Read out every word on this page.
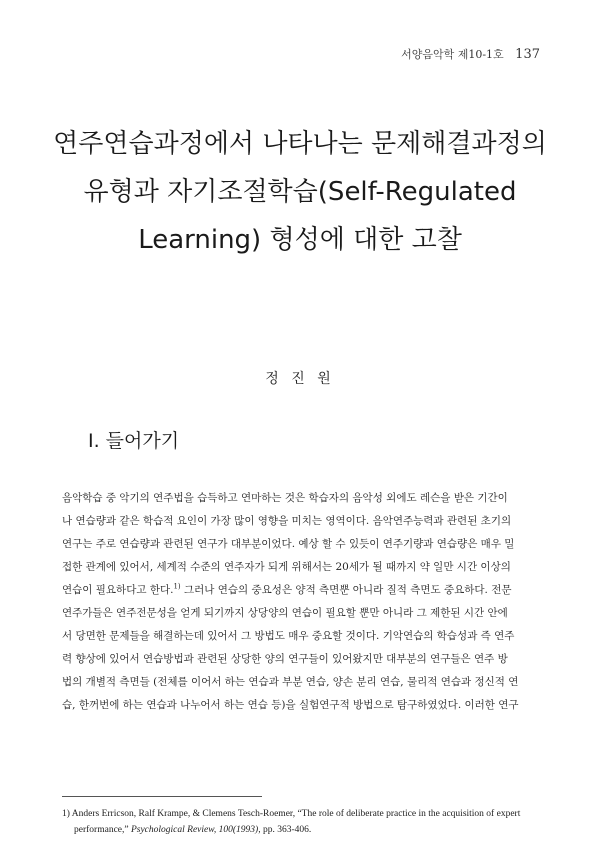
서양음악학 제10-1호 137
연주연습과정에서 나타나는 문제해결과정의
유형과 자기조절학습(Self-Regulated
Learning) 형성에 대한 고찰
정 진 원
I. 들어가기
음악학습 중 악기의 연주법을 습득하고 연마하는 것은 학습자의 음악성 외에도 레슨을 받은 기간이
나 연습량과 같은 학습적 요인이 가장 많이 영향을 미치는 영역이다. 음악연주능력과 관련된 초기의
연구는 주로 연습량과 관련된 연구가 대부분이었다. 예상 할 수 있듯이 연주기량과 연습량은 매우 밀
접한 관계에 있어서, 세계적 수준의 연주자가 되게 위해서는 20세가 될 때까지 약 일만 시간 이상의
연습이 필요하다고 한다.$^{1)}$ 그러나 연습의 중요성은 양적 측면뿐 아니라 질적 측면도 중요하다. 전문
연주가들은 연주전문성을 얻게 되기까지 상당양의 연습이 필요할 뿐만 아니라 그 제한된 시간 안에
서 당면한 문제들을 해결하는데 있어서 그 방법도 매우 중요할 것이다. 기악연습의 학습성과 즉 연주
력 향상에 있어서 연습방법과 관련된 상당한 양의 연구들이 있어왔지만 대부분의 연구들은 연주 방
법의 개별적 측면들 (전체를 이어서 하는 연습과 부분 연습, 양손 분리 연습, 물리적 연습과 정신적 연
습, 한꺼번에 하는 연습과 나누어서 하는 연습 등)을 실험연구적 방법으로 탐구하였었다. 이러한 연구
1) Anders Erricson, Ralf Krampe, & Clemens Tesch-Roemer, “The role of deliberate practice in the acquisition of expert
performance,” Psychological Review, 100(1993), pp. 363-406.
